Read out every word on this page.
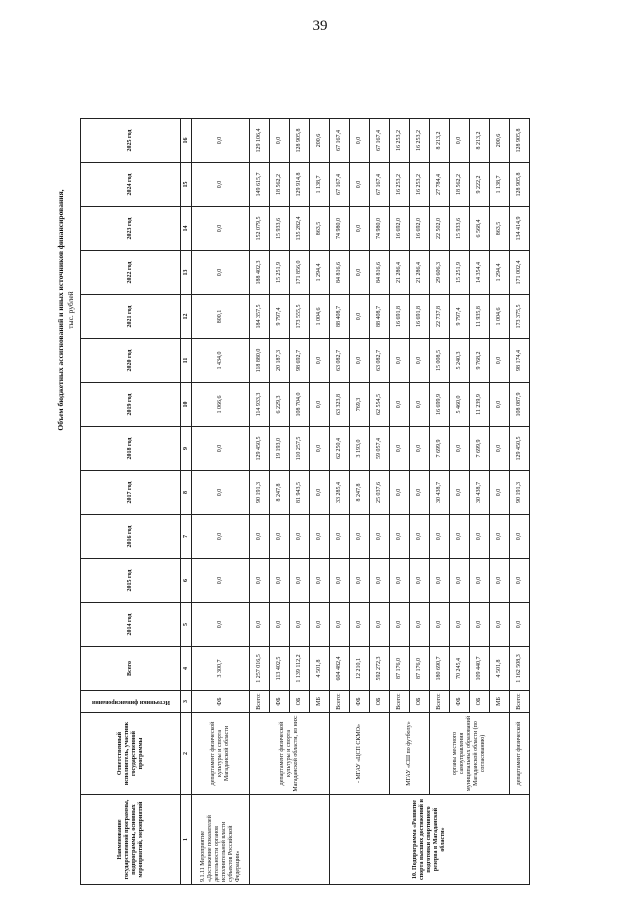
39
Объем бюджетных ассигнований и иных источников финансирования, тыс. рублей
Наименование государственной программы, подпрограммы, основных мероприятий, мероприятий	Ответственный исполнитель, участник государственной программы	Источники финансирования	Всего	2014 год	2015 год	2016 год	2017 год	2018 год	2019 год	2020 год	2021 год	2022 год	2023 год	2024 год	2025 год
1	2	3	4	5	6	7	8	9	10	11	12	13	14	15	16
9.1.11 Мероприятие «Достижение показателей деятельности органов исполнительной власти субъектов Российской Федерации»	департамент физической культуры и спорта Магаданской области	ФБ	3 300,7	0,0	0,0	0,0	0,0	0,0	1 066,6	1 434,0	800,1	0,0	0,0	0,0	0,0
	департамент физической культуры и спорта Магаданской области, из них:	Всего:	1 257 016,5	0,0	0,0	0,0	90 191,3	129 450,5	114 933,3	118 880,0	184 357,5	188 402,3	152 079,5	149 615,7	129 106,4
		ФБ	113 402,5	0,0	0,0	0,0	8 247,8	19 193,0	6 229,3	20 187,3	9 797,4	15 251,9	15 933,6	18 562,2	0,0
		ОБ	1 139 112,2	0,0	0,0	0,0	81 943,5	110 257,5	108 704,0	98 692,7	173 555,5	171 856,0	135 282,4	129 914,8	128 905,8
		МБ	4 501,8	0,0	0,0	0,0	0,0	0,0	0,0	0,0	1 004,6	1 294,4	863,5	1 138,7	200,6
10. Подпрограмма «Развитие спорта высших достижений и подготовки спортивного резерва в Магаданской области»	- МГАУ «ЦСП СКМО»	Всего:	604 482,4	0,0	0,0	0,0	33 285,4	62 250,4	63 323,8	63 082,7	88 408,7	84 816,6	74 980,0	67 167,4	67 167,4
		ФБ	12 210,1	0,0	0,0	0,0	8 247,8	3 193,0	769,3	0,0	0,0	0,0	0,0	0,0	0,0
		ОБ	592 272,3	0,0	0,0	0,0	25 037,6	59 057,4	62 554,5	63 082,7	88 408,7	84 816,6	74 980,0	67 167,4	67 167,4
	МГАУ «СШ по футболу»	Всего:	87 176,0	0,0	0,0	0,0	0,0	0,0	0,0	0,0	16 691,8	21 286,4	16 692,0	16 253,2	16 253,2
		ОБ	87 176,0	0,0	0,0	0,0	0,0	0,0	0,0	0,0	16 691,8	21 286,4	16 692,0	16 253,2	16 253,2
	органы местного самоуправления муниципальных образований Магаданской области (по согласованию)	Всего:	180 690,7	0,0	0,0	0,0	30 438,7	7 699,9	16 699,9	15 008,5	22 737,8	29 606,3	22 502,0	27 784,4	8 213,2
		ФБ	70 245,4	0,0	0,0	0,0	0,0	0,0	5 460,0	5 240,3	9 797,4	15 251,9	15 933,6	18 562,2	0,0
		ОБ	109 440,7	0,0	0,0	0,0	30 438,7	7 699,9	11 239,9	9 768,2	11 935,8	14 354,4	6 568,4	9 222,2	8 213,2
		МБ	4 501,8	0,0	0,0	0,0	0,0	0,0	0,0	0,0	1 004,6	1 294,4	863,5	1 138,7	200,6
	департамент физической	Всего:	1 162 508,3	0,0	0,0	0,0	90 191,3	129 450,5	108 087,9	98 174,4	173 375,5	171 002,4	134 414,9	128 905,8	128 905,8
